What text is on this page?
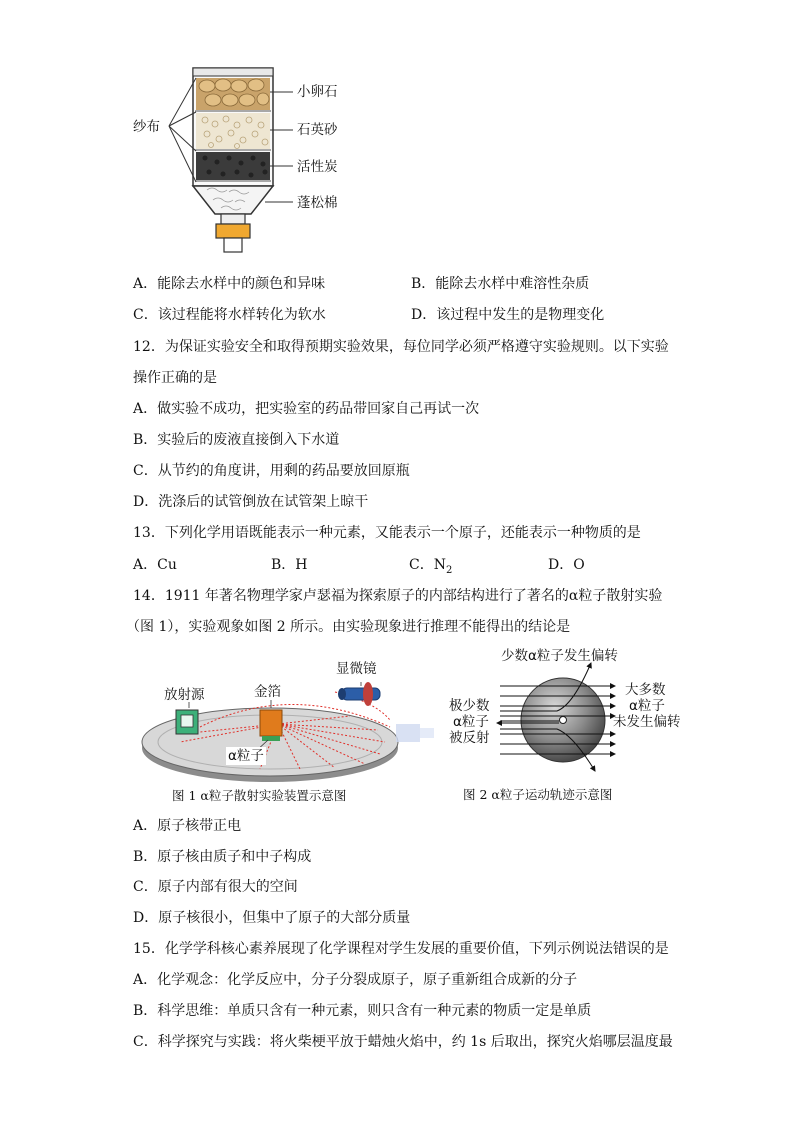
纱布
小卵石
石英砂
活性炭
蓬松棉
A．能除去水样中的颜色和异味	B．能除去水样中难溶性杂质
C．该过程能将水样转化为软水	D．该过程中发生的是物理变化
12．为保证实验安全和取得预期实验效果，每位同学必须严格遵守实验规则。以下实验
操作正确的是
A．做实验不成功，把实验室的药品带回家自己再试一次
B．实验后的废液直接倒入下水道
C．从节约的角度讲，用剩的药品要放回原瓶
D．洗涤后的试管倒放在试管架上晾干
13．下列化学用语既能表示一种元素，又能表示一个原子，还能表示一种物质的是
A．Cu	B．H	C．$N_2$	D．O
14．1911 年著名物理学家卢瑟福为探索原子的内部结构进行了著名的α粒子散射实验
（图 1），实验观象如图 2 所示。由实验现象进行推理不能得出的结论是
放射源	金箔
显微镜
α粒子
图 1 α粒子散射实验装置示意图
少数α粒子发生偏转
极少数
α粒子
被反射
大多数
α粒子
未发生偏转
图 2 α粒子运动轨迹示意图
A．原子核带正电
B．原子核由质子和中子构成
C．原子内部有很大的空间
D．原子核很小，但集中了原子的大部分质量
15．化学学科核心素养展现了化学课程对学生发展的重要价值，下列示例说法错误的是
A．化学观念：化学反应中，分子分裂成原子，原子重新组合成新的分子
B．科学思维：单质只含有一种元素，则只含有一种元素的物质一定是单质
C．科学探究与实践：将火柴梗平放于蜡烛火焰中，约 1s 后取出，探究火焰哪层温度最
